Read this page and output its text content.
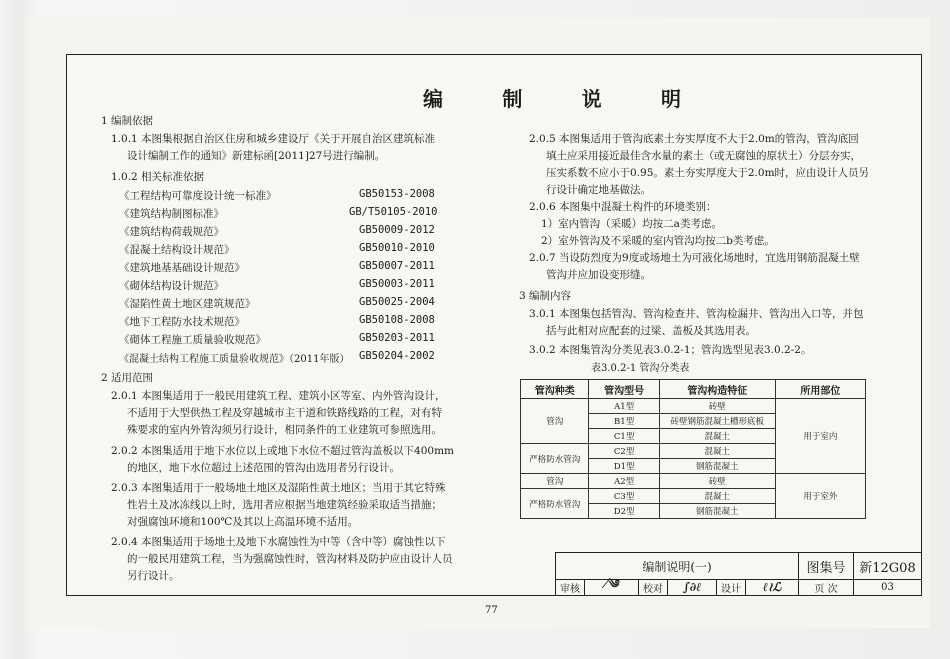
编	制	说	明
1 编制依据
1.0.1 本图集根据自治区住房和城乡建设厅《关于开展自治区建筑标准
设计编制工作的通知》新建标函[2011]27号进行编制。
1.0.2 相关标准依据
《工程结构可靠度设计统一标准》	GB50153-2008
《建筑结构制图标准》	GB/T50105-2010
《建筑结构荷载规范》	GB50009-2012
《混凝土结构设计规范》	GB50010-2010
《建筑地基基础设计规范》	GB50007-2011
《砌体结构设计规范》	GB50003-2011
《湿陷性黄土地区建筑规范》	GB50025-2004
《地下工程防水技术规范》	GB50108-2008
《砌体工程施工质量验收规范》	GB50203-2011
《混凝土结构工程施工质量验收规范》（2011年版） GB50204-2002
2 适用范围
2.0.1 本图集适用于一般民用建筑工程、建筑小区等室、内外管沟设计，
不适用于大型供热工程及穿越城市主干道和铁路线路的工程，对有特
殊要求的室内外管沟须另行设计，相同条件的工业建筑可参照选用。
2.0.2 本图集适用于地下水位以上或地下水位不超过管沟盖板以下400mm
的地区，地下水位超过上述范围的管沟由选用者另行设计。
2.0.3 本图集适用于一般场地土地区及湿陷性黄土地区；当用于其它特殊
性岩土及冰冻线以上时，选用者应根据当地建筑经验采取适当措施；
对强腐蚀环境和100℃及其以上高温环境不适用。
2.0.4 本图集适用于场地土及地下水腐蚀性为中等（含中等）腐蚀性以下
的一般民用建筑工程，当为强腐蚀性时，管沟材料及防护应由设计人员
另行设计。
2.0.5 本图集适用于管沟底素土夯实厚度不大于2.0m的管沟，管沟底回
填土应采用接近最佳含水量的素土（或无腐蚀的原状土）分层夯实，
压实系数不应小于0.95。素土夯实厚度大于2.0m时，应由设计人员另
行设计确定地基做法。
2.0.6 本图集中混凝土构件的环境类别：
1）室内管沟（采暖）均按二a类考虑。
2）室外管沟及不采暖的室内管沟均按二b类考虑。
2.0.7 当设防烈度为9度或场地土为可液化场地时，宜选用钢筋混凝土壁
管沟并应加设变形缝。
3 编制内容
3.0.1 本图集包括管沟、管沟检查井、管沟检漏井、管沟出入口等，并包
括与此相对应配套的过梁、盖板及其选用表。
3.0.2 本图集管沟分类见表3.0.2-1；管沟选型见表3.0.2-2。
表3.0.2-1 管沟分类表
管沟种类	管沟型号	管沟构造特征	所用部位
管沟	A1型	砖壁	用于室内
	B1型	砖壁钢筋混凝土槽形底板	
	C1型	混凝土	
严格防水管沟	C2型	混凝土	
	D1型	钢筋混凝土	
管沟	A2型	砖壁	用于室外
严格防水管沟	C3型	混凝土	
	D2型	钢筋混凝土	
编制说明(一)	图集号	新12G08
审核	⁄༄	校对	∫∂ℓ	设计	ℓ≀ℒ	页 次	03
77
